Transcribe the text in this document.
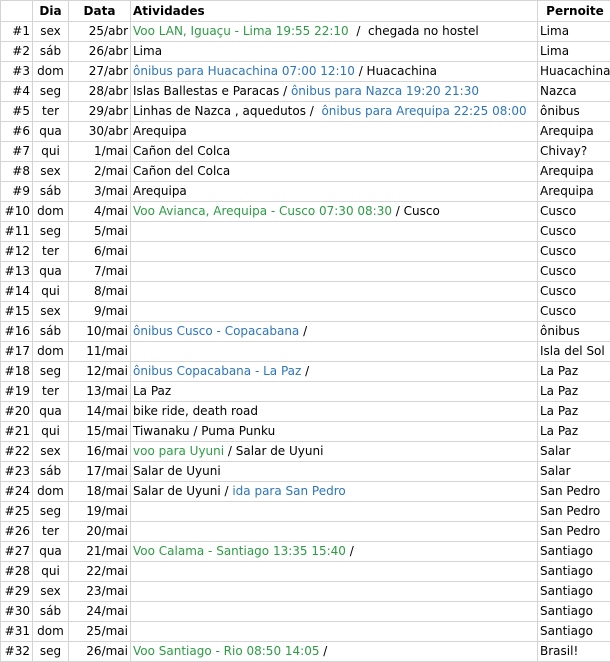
	Dia	Data	Atividades	Pernoite
#1	sex	25/abr	Voo LAN, Iguaçu - Lima 19:55 22:10  /  chegada no hostel	Lima
#2	sáb	26/abr	Lima	Lima
#3	dom	27/abr	ônibus para Huacachina 07:00 12:10 / Huacachina	Huacachina
#4	seg	28/abr	Islas Ballestas e Paracas / ônibus para Nazca 19:20 21:30	Nazca
#5	ter	29/abr	Linhas de Nazca , aquedutos /  ônibus para Arequipa 22:25 08:00	ônibus
#6	qua	30/abr	Arequipa	Arequipa
#7	qui	1/mai	Cañon del Colca	Chivay?
#8	sex	2/mai	Cañon del Colca	Arequipa
#9	sáb	3/mai	Arequipa	Arequipa
#10	dom	4/mai	Voo Avianca, Arequipa - Cusco 07:30 08:30 / Cusco	Cusco
#11	seg	5/mai		Cusco
#12	ter	6/mai		Cusco
#13	qua	7/mai		Cusco
#14	qui	8/mai		Cusco
#15	sex	9/mai		Cusco
#16	sáb	10/mai	ônibus Cusco - Copacabana /	ônibus
#17	dom	11/mai		Isla del Sol
#18	seg	12/mai	ônibus Copacabana - La Paz /	La Paz
#19	ter	13/mai	La Paz	La Paz
#20	qua	14/mai	bike ride, death road	La Paz
#21	qui	15/mai	Tiwanaku / Puma Punku	La Paz
#22	sex	16/mai	voo para Uyuni / Salar de Uyuni	Salar
#23	sáb	17/mai	Salar de Uyuni	Salar
#24	dom	18/mai	Salar de Uyuni / ida para San Pedro	San Pedro
#25	seg	19/mai		San Pedro
#26	ter	20/mai		San Pedro
#27	qua	21/mai	Voo Calama - Santiago 13:35 15:40 /	Santiago
#28	qui	22/mai		Santiago
#29	sex	23/mai		Santiago
#30	sáb	24/mai		Santiago
#31	dom	25/mai		Santiago
#32	seg	26/mai	Voo Santiago - Rio 08:50 14:05 /	Brasil!
